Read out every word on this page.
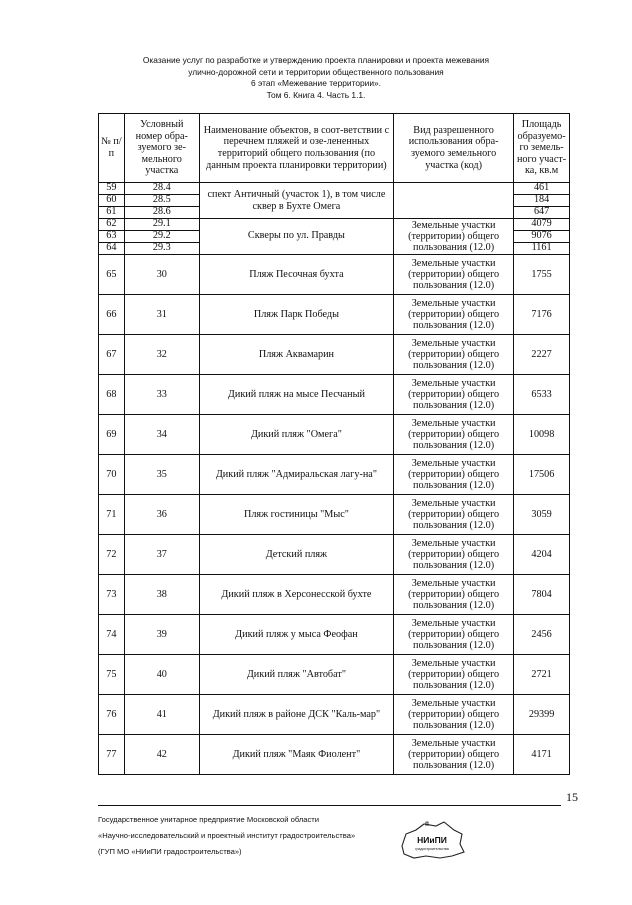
Оказание услуг по разработке и утверждению проекта планировки и проекта межевания
улично-дорожной сети и территории общественного пользования
6 этап «Межевание территории».
Том 6. Книга 4. Часть 1.1.
№ п/п	Условный номер обра-зуемого зе-мельного участка	Наименование объектов, в соот-ветствии с перечнем пляжей и озе-лененных территорий общего пользования (по данным проекта планировки территории)	Вид разрешенного использования обра-зуемого земельного участка (код)	Площадь образуемо-го земель-ного участ-ка, кв.м
59	28.4	спект Античный (участок 1), в том числе сквер в Бухте Омега		461
60	28.5			184
61	28.6			647
62	29.1	Скверы по ул. Правды	Земельные участки (территории) общего пользования (12.0)	4079
63	29.2			9076
64	29.3			1161
65	30	Пляж Песочная бухта	Земельные участки (территории) общего пользования (12.0)	1755
66	31	Пляж Парк Победы	Земельные участки (территории) общего пользования (12.0)	7176
67	32	Пляж Аквамарин	Земельные участки (территории) общего пользования (12.0)	2227
68	33	Дикий пляж на мысе Песчаный	Земельные участки (территории) общего пользования (12.0)	6533
69	34	Дикий пляж "Омега"	Земельные участки (территории) общего пользования (12.0)	10098
70	35	Дикий пляж "Адмиральская лагу-на"	Земельные участки (территории) общего пользования (12.0)	17506
71	36	Пляж гостиницы "Мыс"	Земельные участки (территории) общего пользования (12.0)	3059
72	37	Детский пляж	Земельные участки (территории) общего пользования (12.0)	4204
73	38	Дикий пляж в Херсонесской бухте	Земельные участки (территории) общего пользования (12.0)	7804
74	39	Дикий пляж у мыса Феофан	Земельные участки (территории) общего пользования (12.0)	2456
75	40	Дикий пляж "Автобат"	Земельные участки (территории) общего пользования (12.0)	2721
76	41	Дикий пляж в районе ДСК "Каль-мар"	Земельные участки (территории) общего пользования (12.0)	29399
77	42	Дикий пляж "Маяк Фиолент"	Земельные участки (территории) общего пользования (12.0)	4171
15
Государственное унитарное предприятие Московской области
«Научно-исследовательский и проектный институт градостроительства»
(ГУП МО «НИиПИ градостроительства»)
НИиПИ
градостроительства
